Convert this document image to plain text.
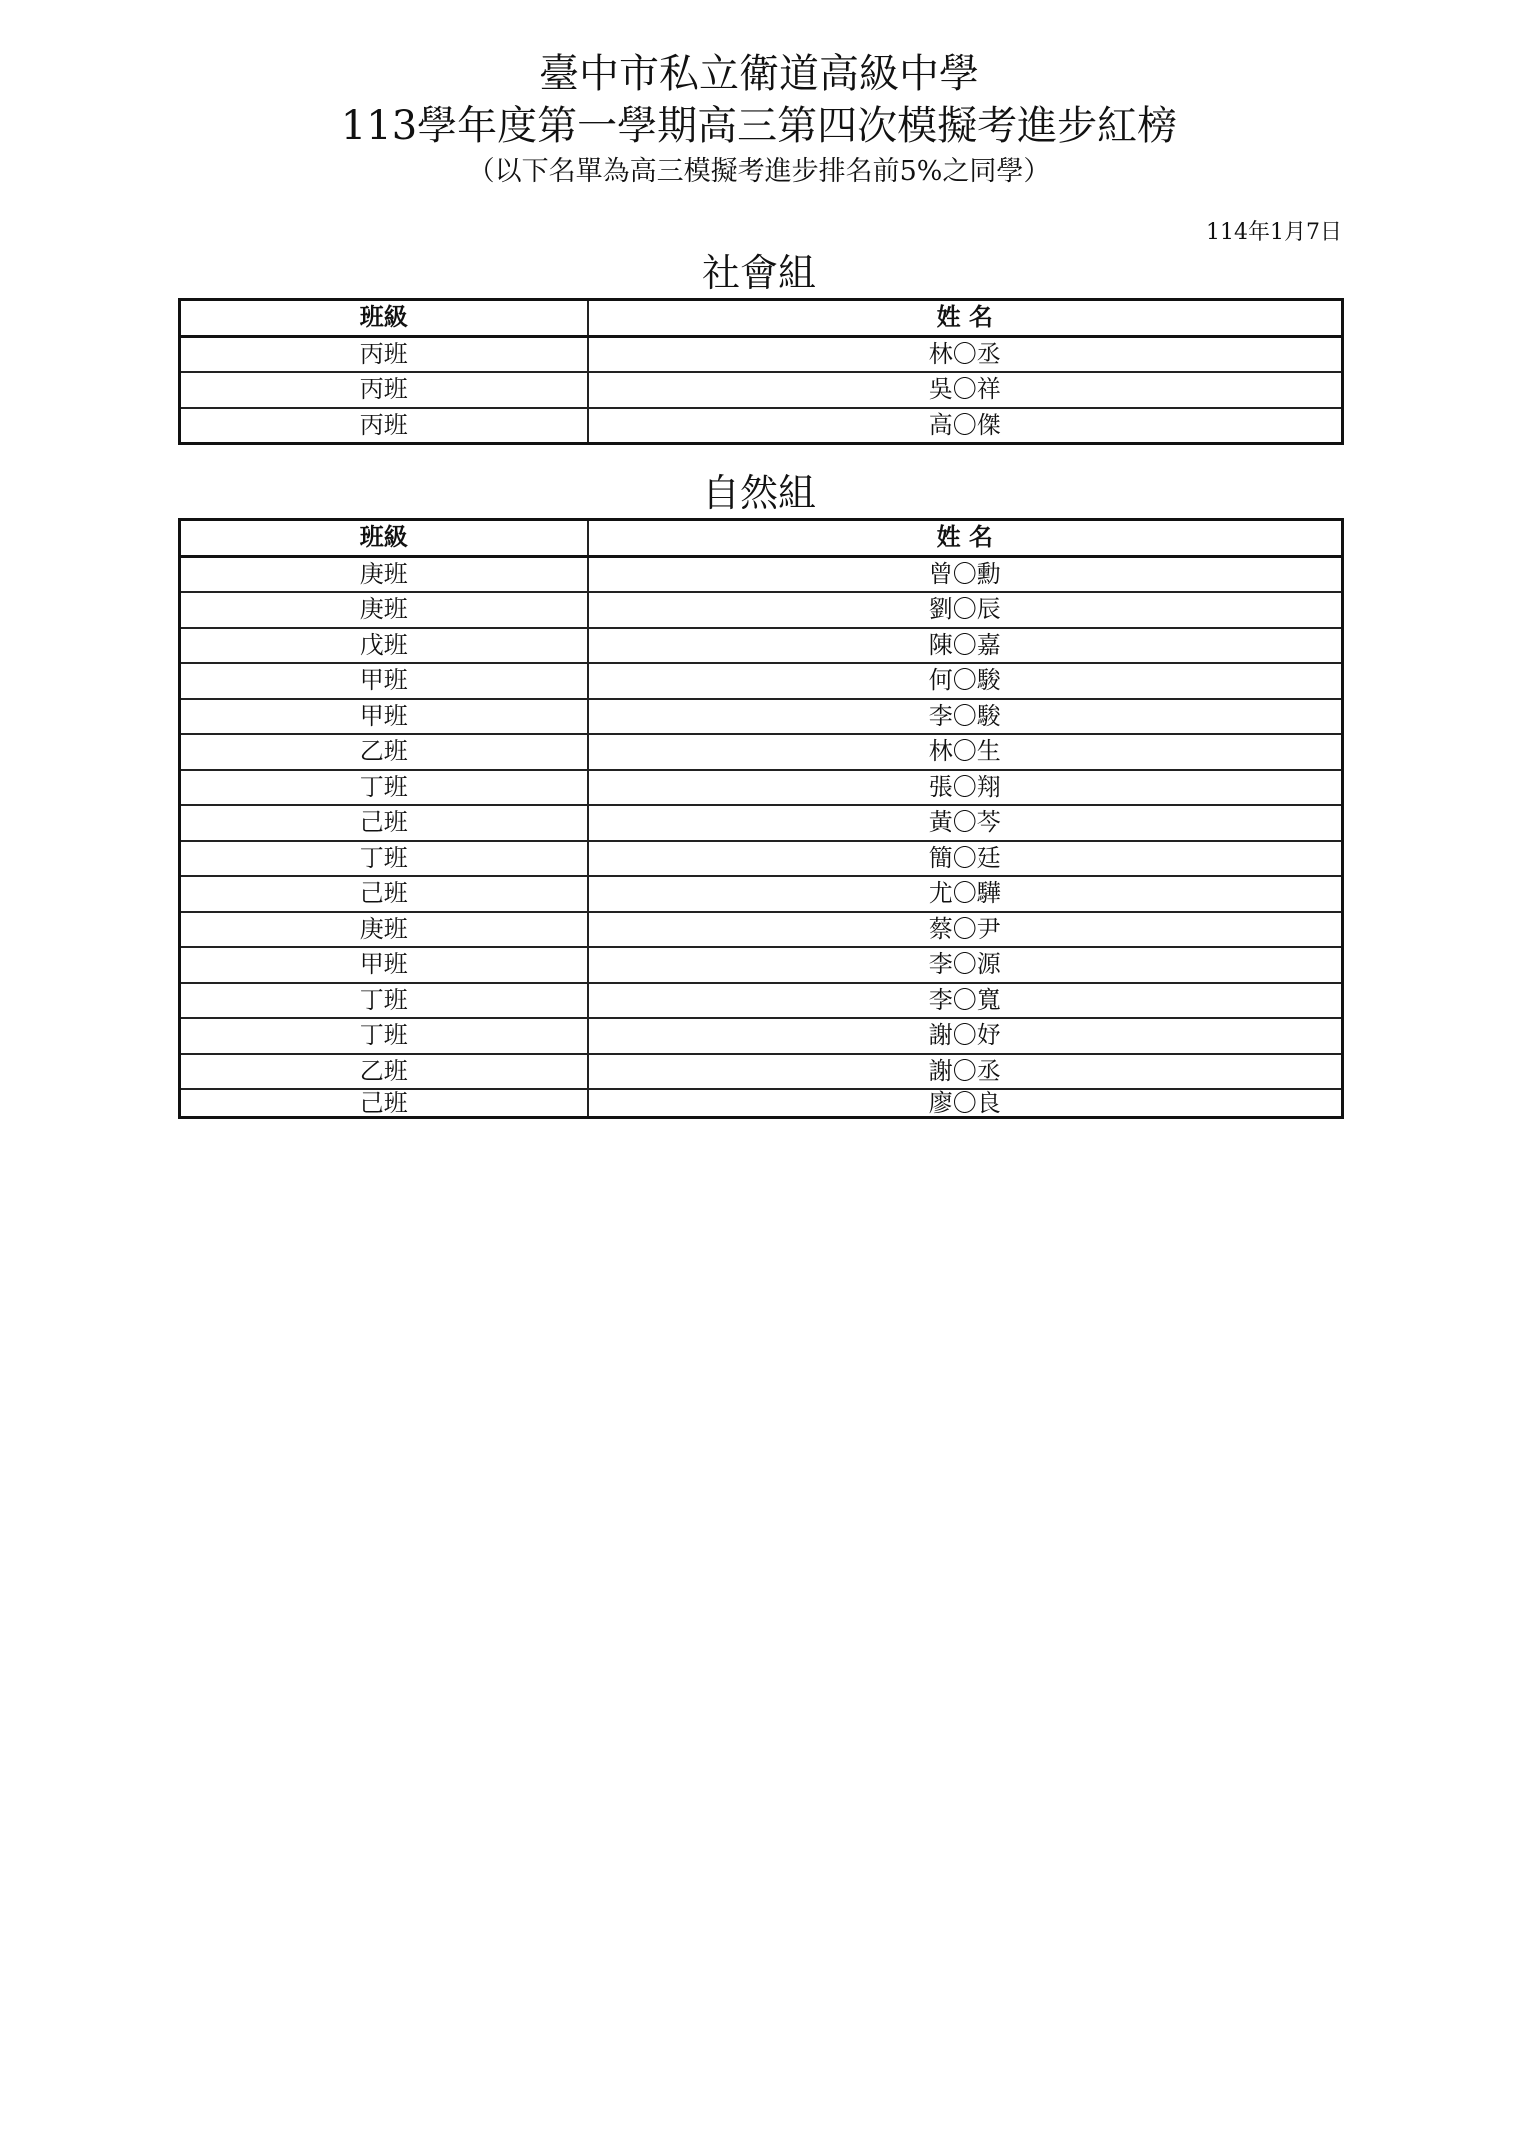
臺中市私立衛道高級中學
113學年度第一學期高三第四次模擬考進步紅榜
（以下名單為高三模擬考進步排名前5%之同學）
114年1月7日
社會組
班級	姓 名
丙班	林〇丞
丙班	吳〇祥
丙班	高〇傑
自然組
班級	姓 名
庚班	曾〇勳
庚班	劉〇辰
戊班	陳〇嘉
甲班	何〇駿
甲班	李〇駿
乙班	林〇生
丁班	張〇翔
己班	黃〇芩
丁班	簡〇廷
己班	尤〇驊
庚班	蔡〇尹
甲班	李〇源
丁班	李〇寬
丁班	謝〇妤
乙班	謝〇丞
己班	廖〇良
